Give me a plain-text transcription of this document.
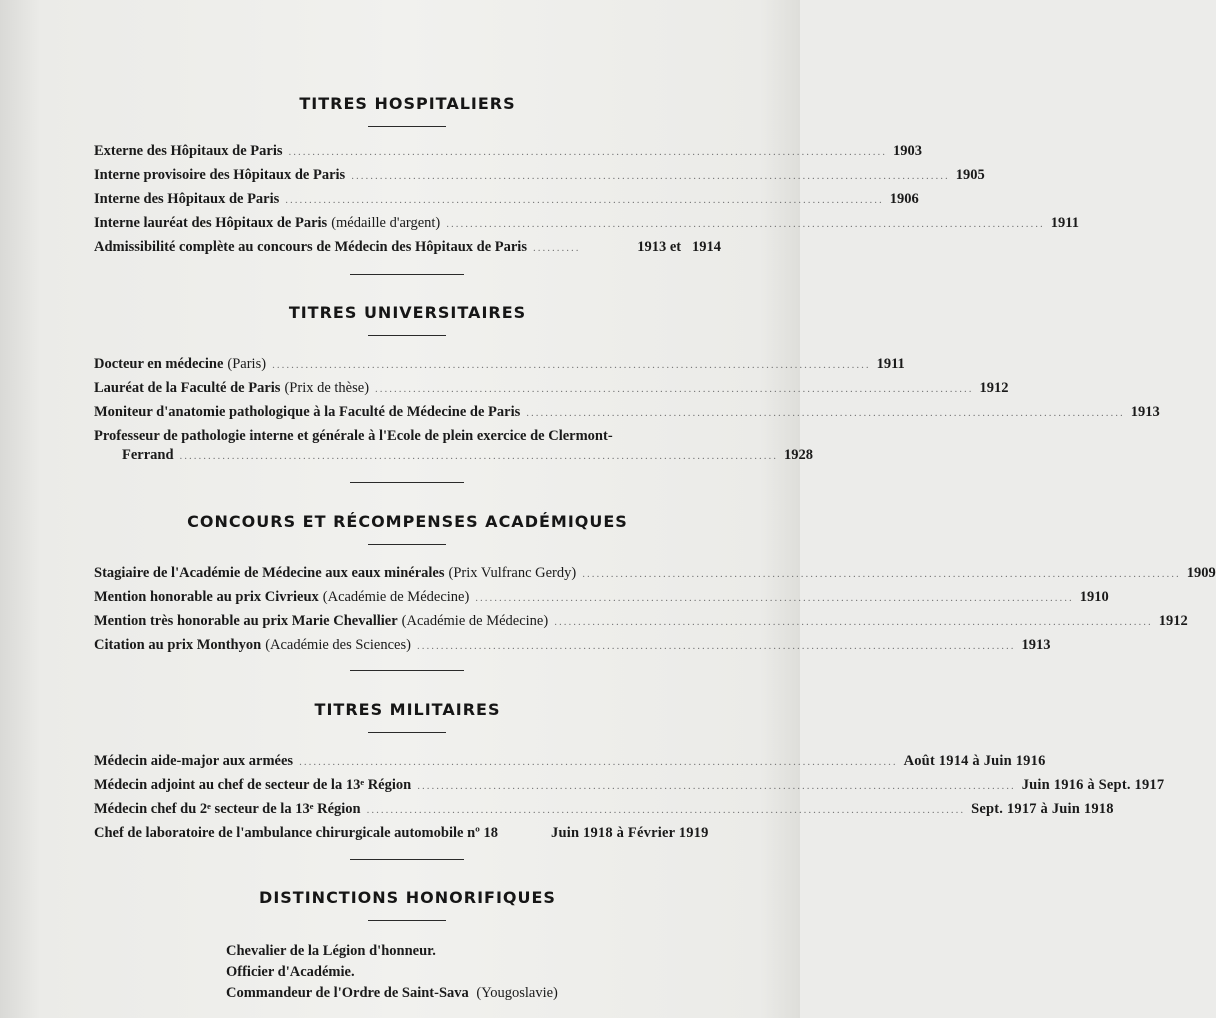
TITRES HOSPITALIERS
Externe des Hôpitaux de Paris .............................................................................................................................. 1903
Interne provisoire des Hôpitaux de Paris .............................................................................................................................. 1905
Interne des Hôpitaux de Paris .............................................................................................................................. 1906
Interne lauréat des Hôpitaux de Paris (médaille d'argent) .............................................................................................................................. 1911
Admissibilité complète au concours de Médecin des Hôpitaux de Paris ..........	1913 et   1914
TITRES UNIVERSITAIRES
Docteur en médecine (Paris) .............................................................................................................................. 1911
Lauréat de la Faculté de Paris (Prix de thèse) .............................................................................................................................. 1912
Moniteur d'anatomie pathologique à la Faculté de Médecine de Paris .............................................................................................................................. 1913
Professeur de pathologie interne et générale à l'Ecole de plein exercice de Clermont-
Ferrand .............................................................................................................................. 1928
CONCOURS ET RÉCOMPENSES ACADÉMIQUES
Stagiaire de l'Académie de Médecine aux eaux minérales (Prix Vulfranc Gerdy) .............................................................................................................................. 1909
Mention honorable au prix Civrieux (Académie de Médecine) .............................................................................................................................. 1910
Mention très honorable au prix Marie Chevallier (Académie de Médecine) .............................................................................................................................. 1912
Citation au prix Monthyon (Académie des Sciences) .............................................................................................................................. 1913
TITRES MILITAIRES
Médecin aide-major aux armées .............................................................................................................................. Août 1914 à Juin 1916
Médecin adjoint au chef de secteur de la 13ᵉ Région .............................................................................................................................. Juin 1916 à Sept. 1917
Médecin chef du 2ᵉ secteur de la 13ᵉ Région .............................................................................................................................. Sept. 1917 à Juin 1918
Chef de laboratoire de l'ambulance chirurgicale automobile nº 18	Juin 1918 à Février 1919
DISTINCTIONS HONORIFIQUES
Chevalier de la Légion d'honneur.
Officier d'Académie.
Commandeur de l'Ordre de Saint-Sava (Yougoslavie)
